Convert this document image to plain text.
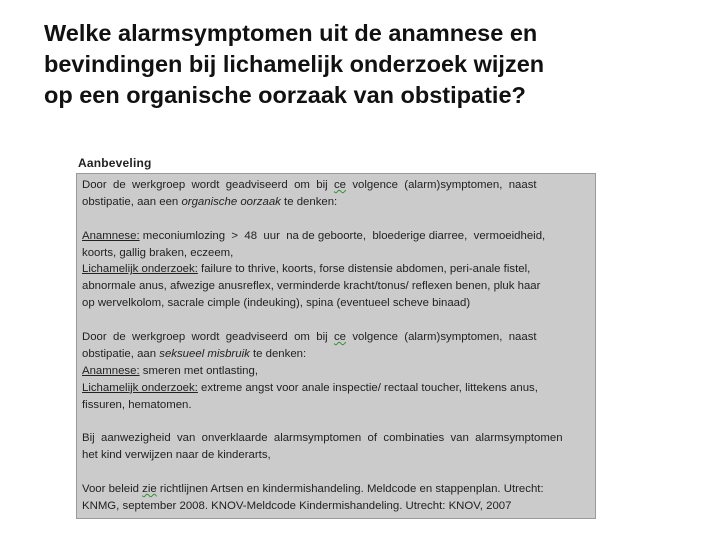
Welke alarmsymptomen uit de anamnese en
bevindingen bij lichamelijk onderzoek wijzen
op een organische oorzaak van obstipatie?
Aanbeveling
Door  de  werkgroep  wordt  geadviseerd  om  bij  ce  volgence  (alarm)symptomen,  naast
obstipatie, aan een organische oorzaak te denken:
Anamnese: meconiumlozing  >  48  uur  na de geboorte,  bloederige diarree,  vermoeidheid,
koorts, gallig braken, eczeem,
Lichamelijk onderzoek: failure to thrive, koorts, forse distensie abdomen, peri-anale fistel,
abnormale anus, afwezige anusreflex, verminderde kracht/tonus/ reflexen benen, pluk haar
op wervelkolom, sacrale cimple (indeuking), spina (eventueel scheve binaad)
Door  de  werkgroep  wordt  geadviseerd  om  bij  ce  volgence  (alarm)symptomen,  naast
obstipatie, aan seksueel misbruik te denken:
Anamnese: smeren met ontlasting,
Lichamelijk onderzoek: extreme angst voor anale inspectie/ rectaal toucher, littekens anus,
fissuren, hematomen.
Bij  aanwezigheid  van  onverklaarde  alarmsymptomen  of  combinaties  van  alarmsymptomen
het kind verwijzen naar de kinderarts,
Voor beleid zie richtlijnen Artsen en kindermishandeling. Meldcode en stappenplan. Utrecht:
KNMG, september 2008. KNOV-Meldcode Kindermishandeling. Utrecht: KNOV, 2007
